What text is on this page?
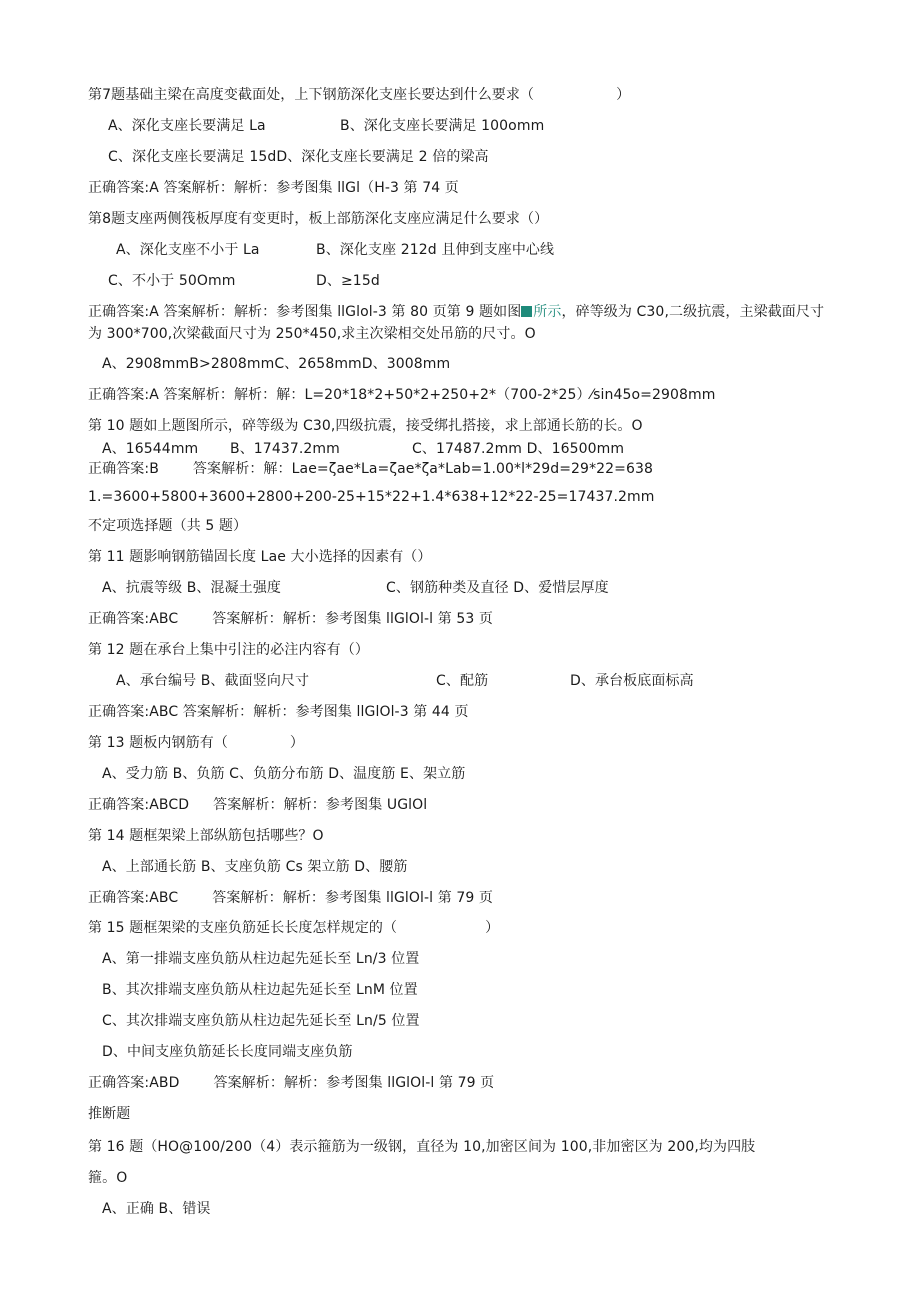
第7题基础主梁在高度变截面处，上下钢筋深化支座长要达到什么要求（	）
A、深化支座长要满足 La	B、深化支座长要满足 100omm
C、深化支座长要满足 15dD、深化支座长要满足 2 倍的梁高
正确答案:A 答案解析：解析：参考图集 llGl（H-3 第 74 页
第8题支座两侧筏板厚度有变更时，板上部筋深化支座应满足什么要求（）
A、深化支座不小于 La	B、深化支座 212d 且伸到支座中心线
C、不小于 50Omm	D、≥15d
正确答案:A 答案解析：解析：参考图集 llGlol-3 第 80 页第 9 题如图 所示，碎等级为 C30,二级抗震，主梁截面尺寸为 300*700,次梁截面尺寸为 250*450,求主次梁相交处吊筋的尺寸。O
A、2908mmB>2808mmC、2658mmD、3008mm
正确答案:A 答案解析：解析：解：L=20*18*2+50*2+250+2*（700-2*25）⁄sin45o=2908mm
第 10 题如上题图所示，碎等级为 C30,四级抗震，接受绑扎搭接，求上部通长筋的长。O
A、16544mm B、17437.2mm	C、17487.2mm D、16500mm
正确答案:B 答案解析：解：Lae=ζae*La=ζae*ζa*Lab=1.00*l*29d=29*22=638
1.=3600+5800+3600+2800+200-25+15*22+1.4*638+12*22-25=17437.2mm
不定项选择题（共 5 题）
第 11 题影响钢筋锚固长度 Lae 大小选择的因素有（）
A、抗震等级 B、混凝土强度	C、钢筋种类及直径 D、爱惜层厚度
正确答案:ABC 答案解析：解析：参考图集 llGlOl-l 第 53 页
第 12 题在承台上集中引注的必注内容有（）
A、承台编号 B、截面竖向尺寸	C、配筋	D、承台板底面标高
正确答案:ABC 答案解析：解析：参考图集 llGlOl-3 第 44 页
第 13 题板内钢筋有（	）
A、受力筋 B、负筋 C、负筋分布筋 D、温度筋 E、架立筋
正确答案:ABCD 答案解析：解析：参考图集 UGlOl
第 14 题框架梁上部纵筋包括哪些？O
A、上部通长筋 B、支座负筋 Cs 架立筋 D、腰筋
正确答案:ABC 答案解析：解析：参考图集 llGlOl-l 第 79 页
第 15 题框架梁的支座负筋延长长度怎样规定的（	）
A、第一排端支座负筋从柱边起先延长至 Ln/3 位置
B、其次排端支座负筋从柱边起先延长至 LnM 位置
C、其次排端支座负筋从柱边起先延长至 Ln/5 位置
D、中间支座负筋延长长度同端支座负筋
正确答案:ABD 答案解析：解析：参考图集 llGlOl-l 第 79 页
推断题
第 16 题（HO@100/200（4）表示箍筋为一级钢，直径为 10,加密区间为 100,非加密区为 200,均为四肢
箍。O
A、正确 B、错误
